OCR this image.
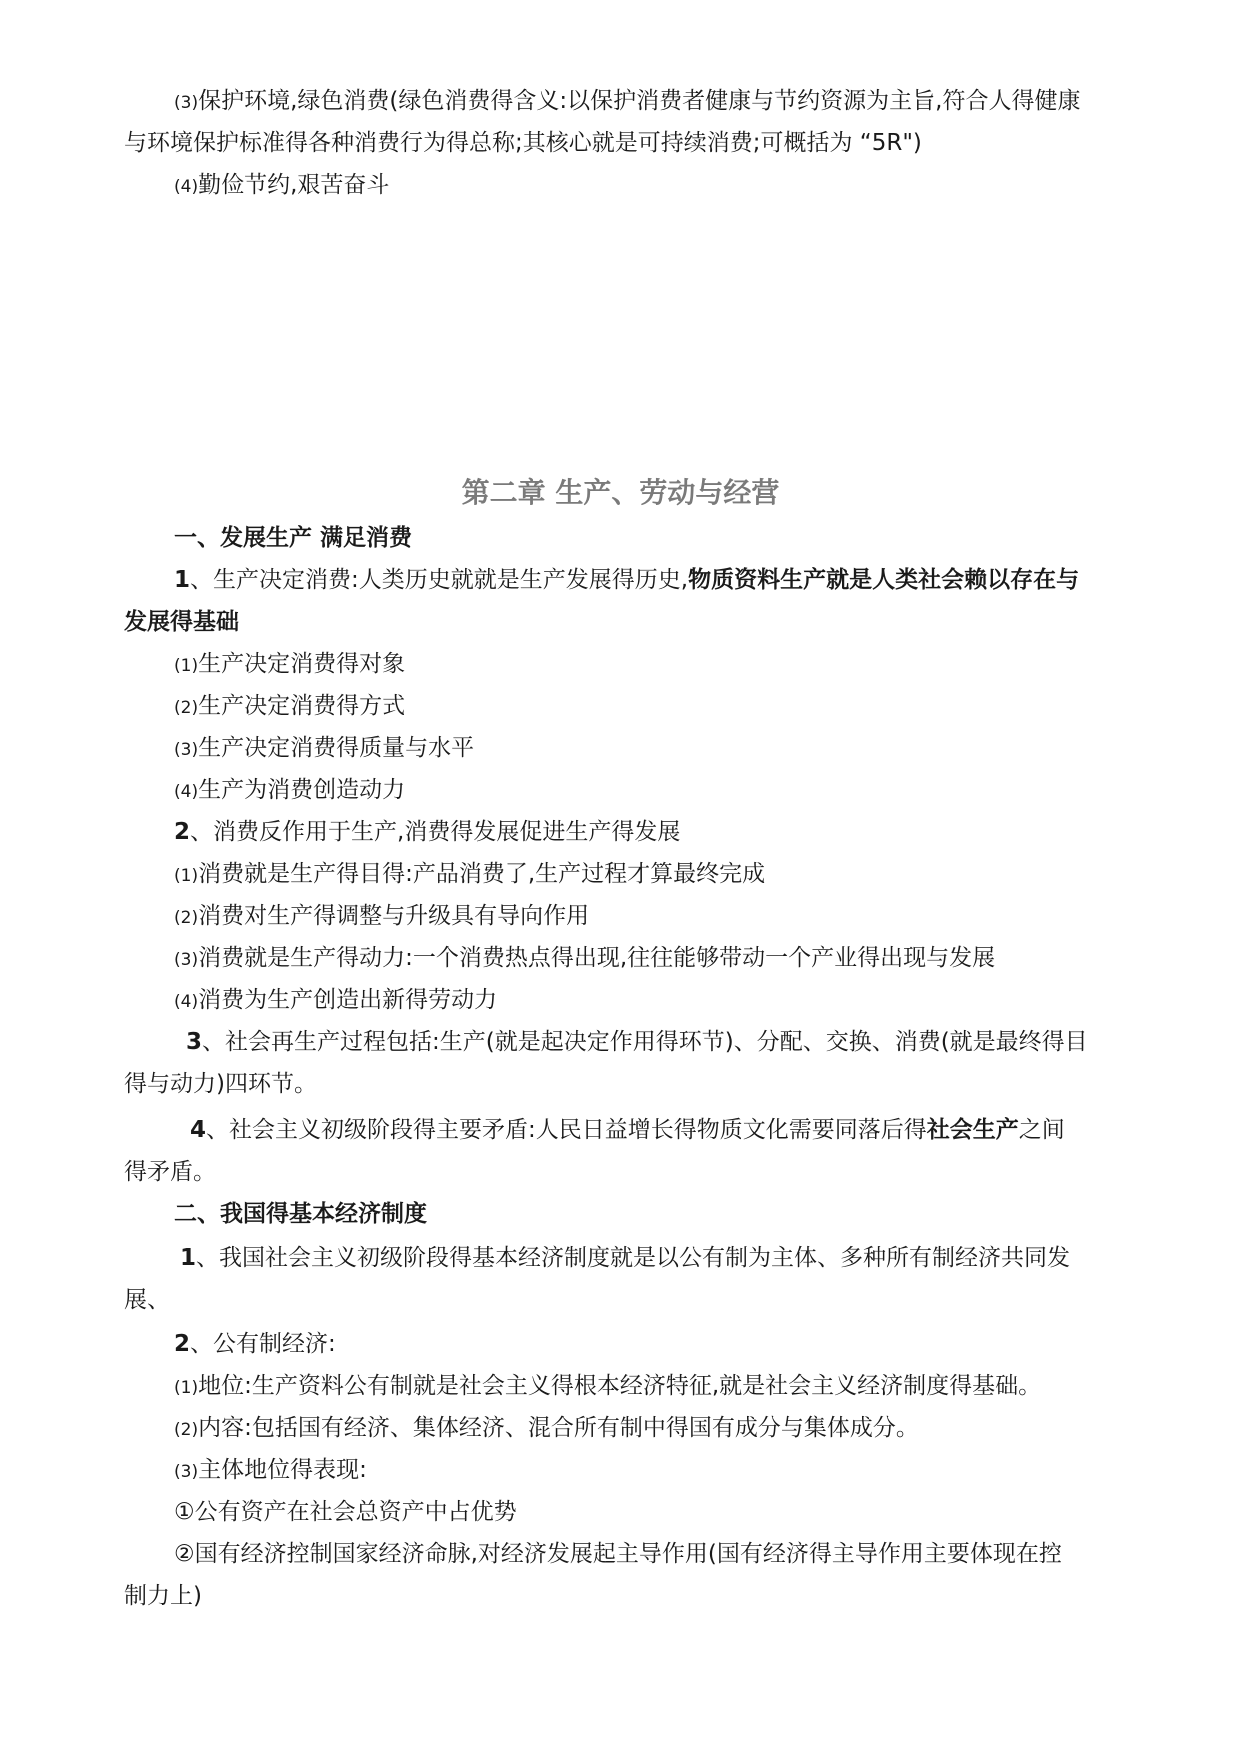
(3)保护环境,绿色消费(绿色消费得含义:以保护消费者健康与节约资源为主旨,符合人得健康
与环境保护标准得各种消费行为得总称;其核心就是可持续消费;可概括为 “5R")
(4)勤俭节约,艰苦奋斗
第二章 生产、劳动与经营
一、发展生产 满足消费
1、生产决定消费:人类历史就就是生产发展得历史,物质资料生产就是人类社会赖以存在与
发展得基础
(1)生产决定消费得对象
(2)生产决定消费得方式
(3)生产决定消费得质量与水平
(4)生产为消费创造动力
2、消费反作用于生产,消费得发展促进生产得发展
(1)消费就是生产得目得:产品消费了,生产过程才算最终完成
(2)消费对生产得调整与升级具有导向作用
(3)消费就是生产得动力:一个消费热点得出现,往往能够带动一个产业得出现与发展
(4)消费为生产创造出新得劳动力
3、社会再生产过程包括:生产(就是起决定作用得环节)、分配、交换、消费(就是最终得目
得与动力)四环节。
4、社会主义初级阶段得主要矛盾:人民日益增长得物质文化需要同落后得社会生产之间
得矛盾。
二、我国得基本经济制度
1、我国社会主义初级阶段得基本经济制度就是以公有制为主体、多种所有制经济共同发
展、
2、公有制经济:
(1)地位:生产资料公有制就是社会主义得根本经济特征,就是社会主义经济制度得基础。
(2)内容:包括国有经济、集体经济、混合所有制中得国有成分与集体成分。
(3)主体地位得表现:
①公有资产在社会总资产中占优势
②国有经济控制国家经济命脉,对经济发展起主导作用(国有经济得主导作用主要体现在控
制力上)
